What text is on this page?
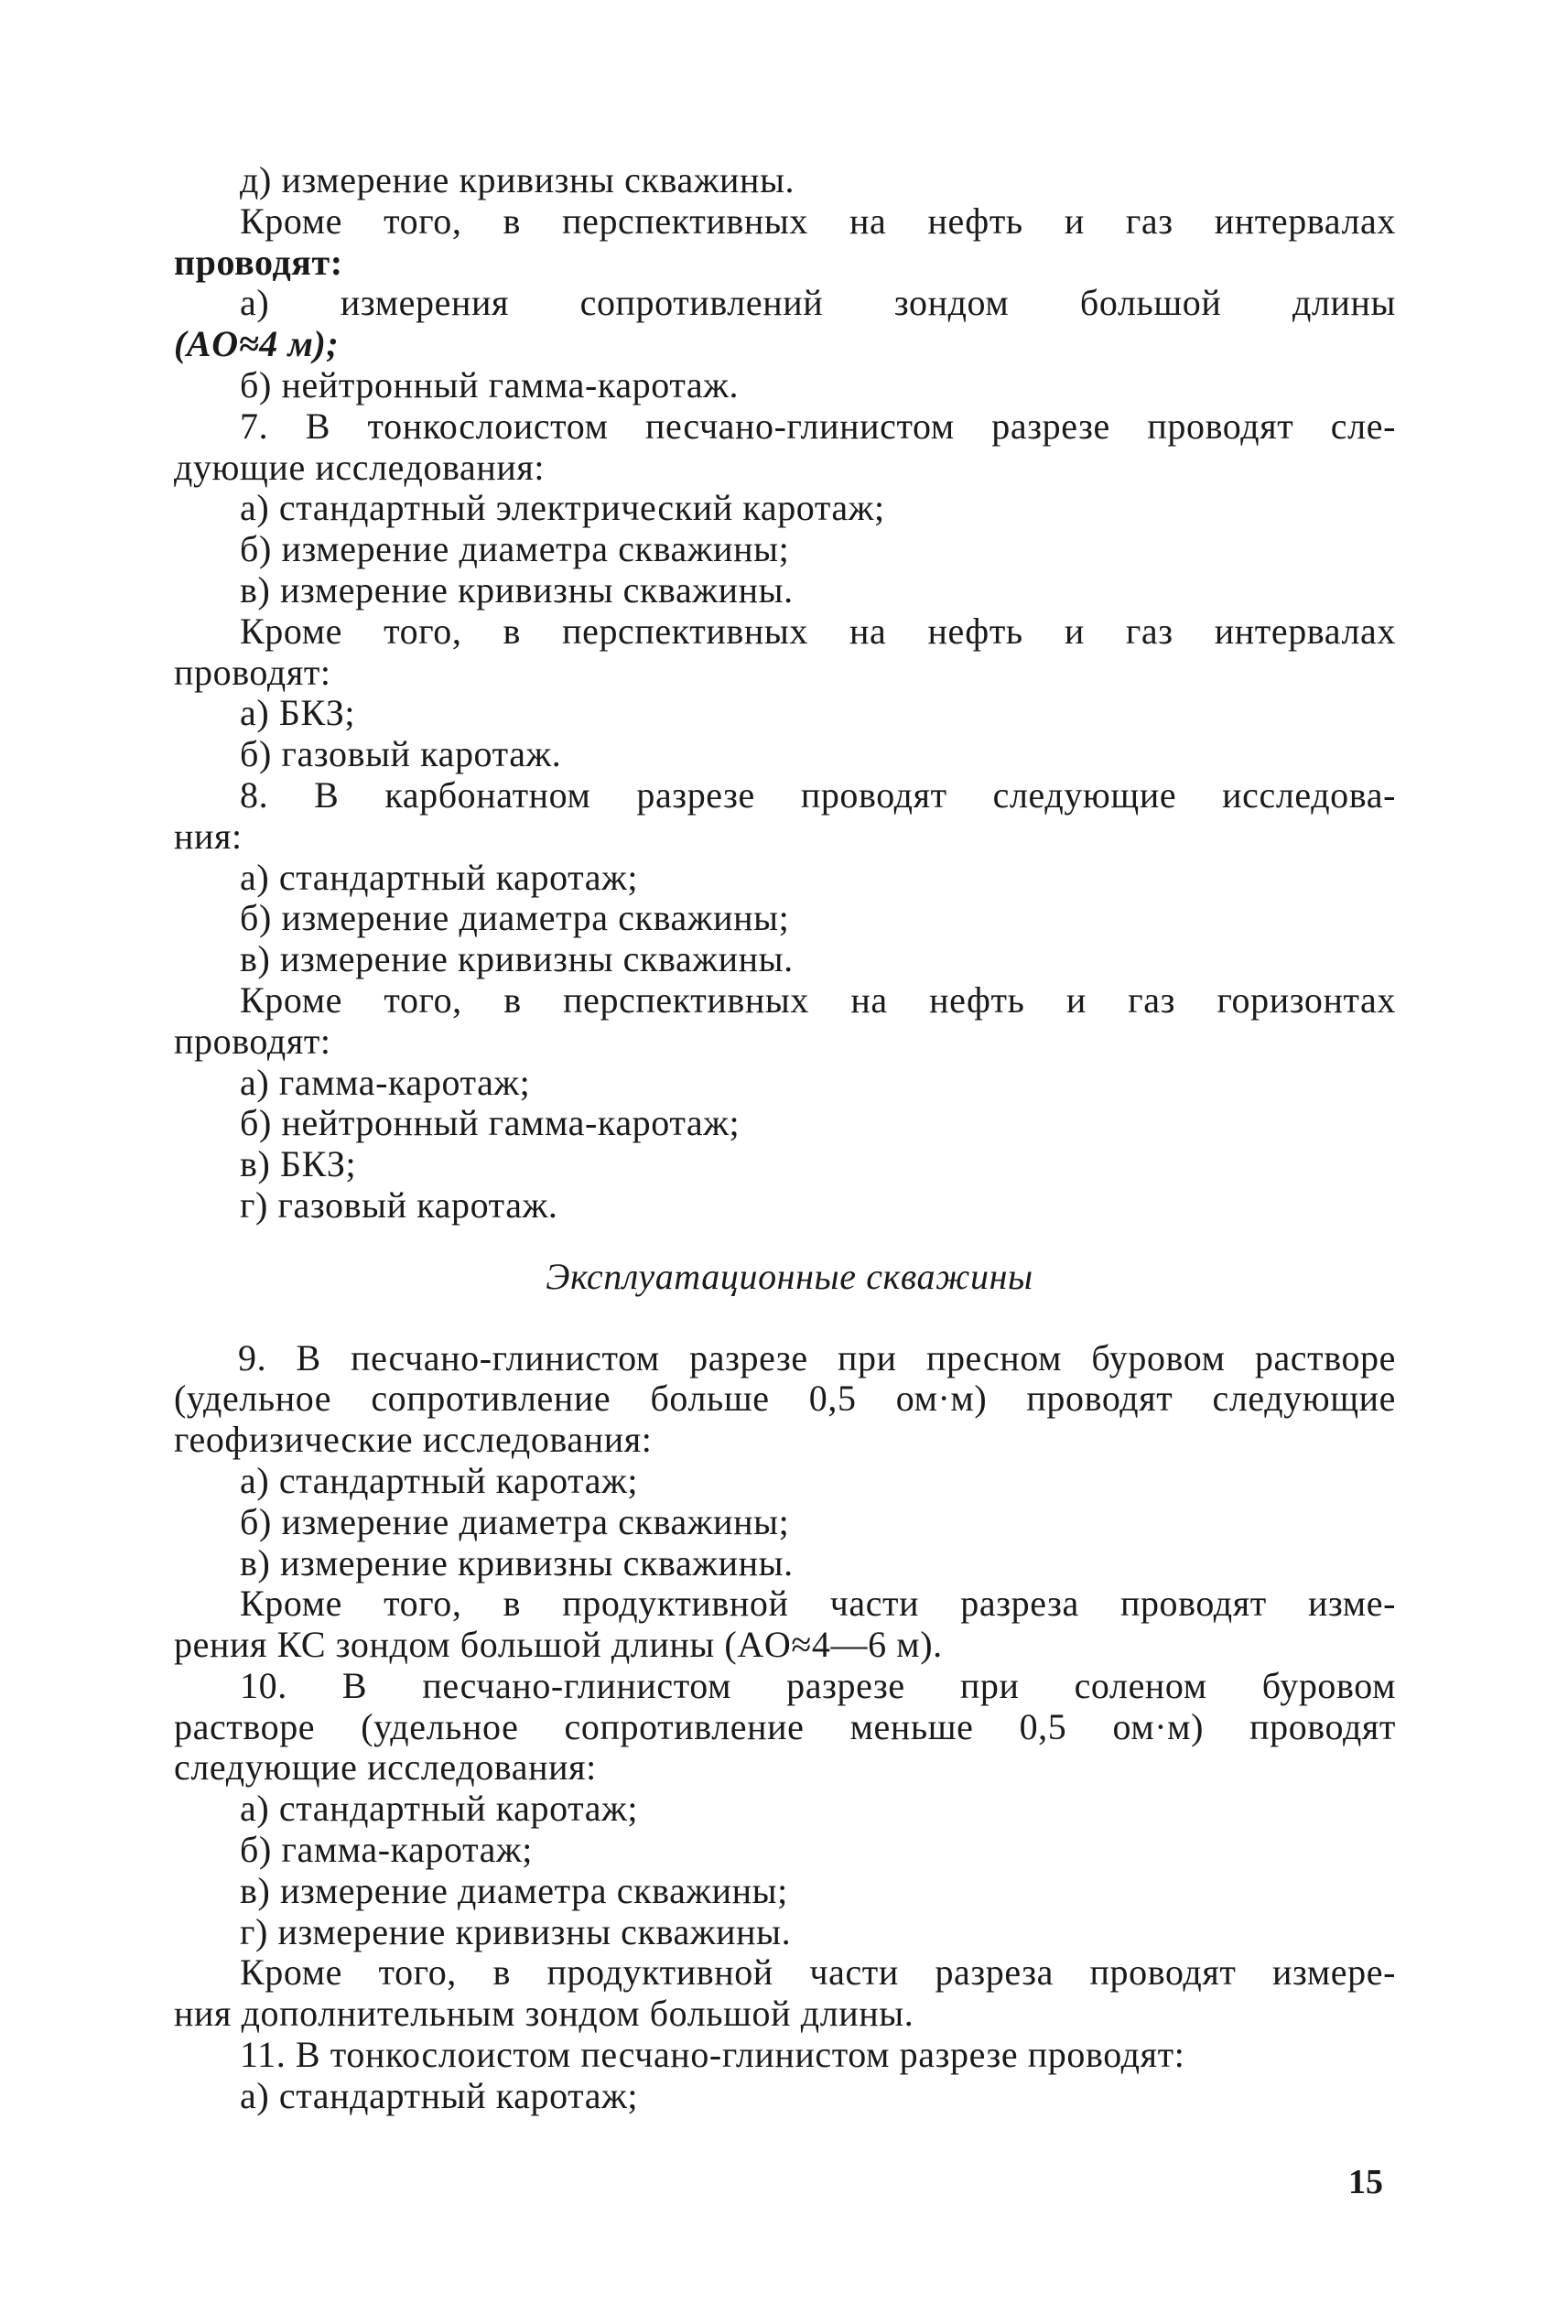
д) измерение кривизны скважины.
Кроме того, в перспективных на нефть и газ интервалах
проводят:
а) измерения сопротивлений зондом большой длины
(AO≈4 м);
б) нейтронный гамма-каротаж.
7. В тонкослоистом песчано-глинистом разрезе проводят сле-
дующие исследования:
а) стандартный электрический каротаж;
б) измерение диаметра скважины;
в) измерение кривизны скважины.
Кроме того, в перспективных на нефть и газ интервалах
проводят:
а) БКЗ;
б) газовый каротаж.
8. В карбонатном разрезе проводят следующие исследова-
ния:
а) стандартный каротаж;
б) измерение диаметра скважины;
в) измерение кривизны скважины.
Кроме того, в перспективных на нефть и газ горизонтах
проводят:
а) гамма-каротаж;
б) нейтронный гамма-каротаж;
в) БКЗ;
г) газовый каротаж.
Эксплуатационные скважины
9. В песчано-глинистом разрезе при пресном буровом растворе
(удельное сопротивление больше 0,5 ом·м) проводят следующие
геофизические исследования:
а) стандартный каротаж;
б) измерение диаметра скважины;
в) измерение кривизны скважины.
Кроме того, в продуктивной части разреза проводят изме-
рения КС зондом большой длины (AO≈4—6 м).
10. В песчано-глинистом разрезе при соленом буровом
растворе (удельное сопротивление меньше 0,5 ом·м) проводят
следующие исследования:
а) стандартный каротаж;
б) гамма-каротаж;
в) измерение диаметра скважины;
г) измерение кривизны скважины.
Кроме того, в продуктивной части разреза проводят измере-
ния дополнительным зондом большой длины.
11. В тонкослоистом песчано-глинистом разрезе проводят:
а) стандартный каротаж;
15
